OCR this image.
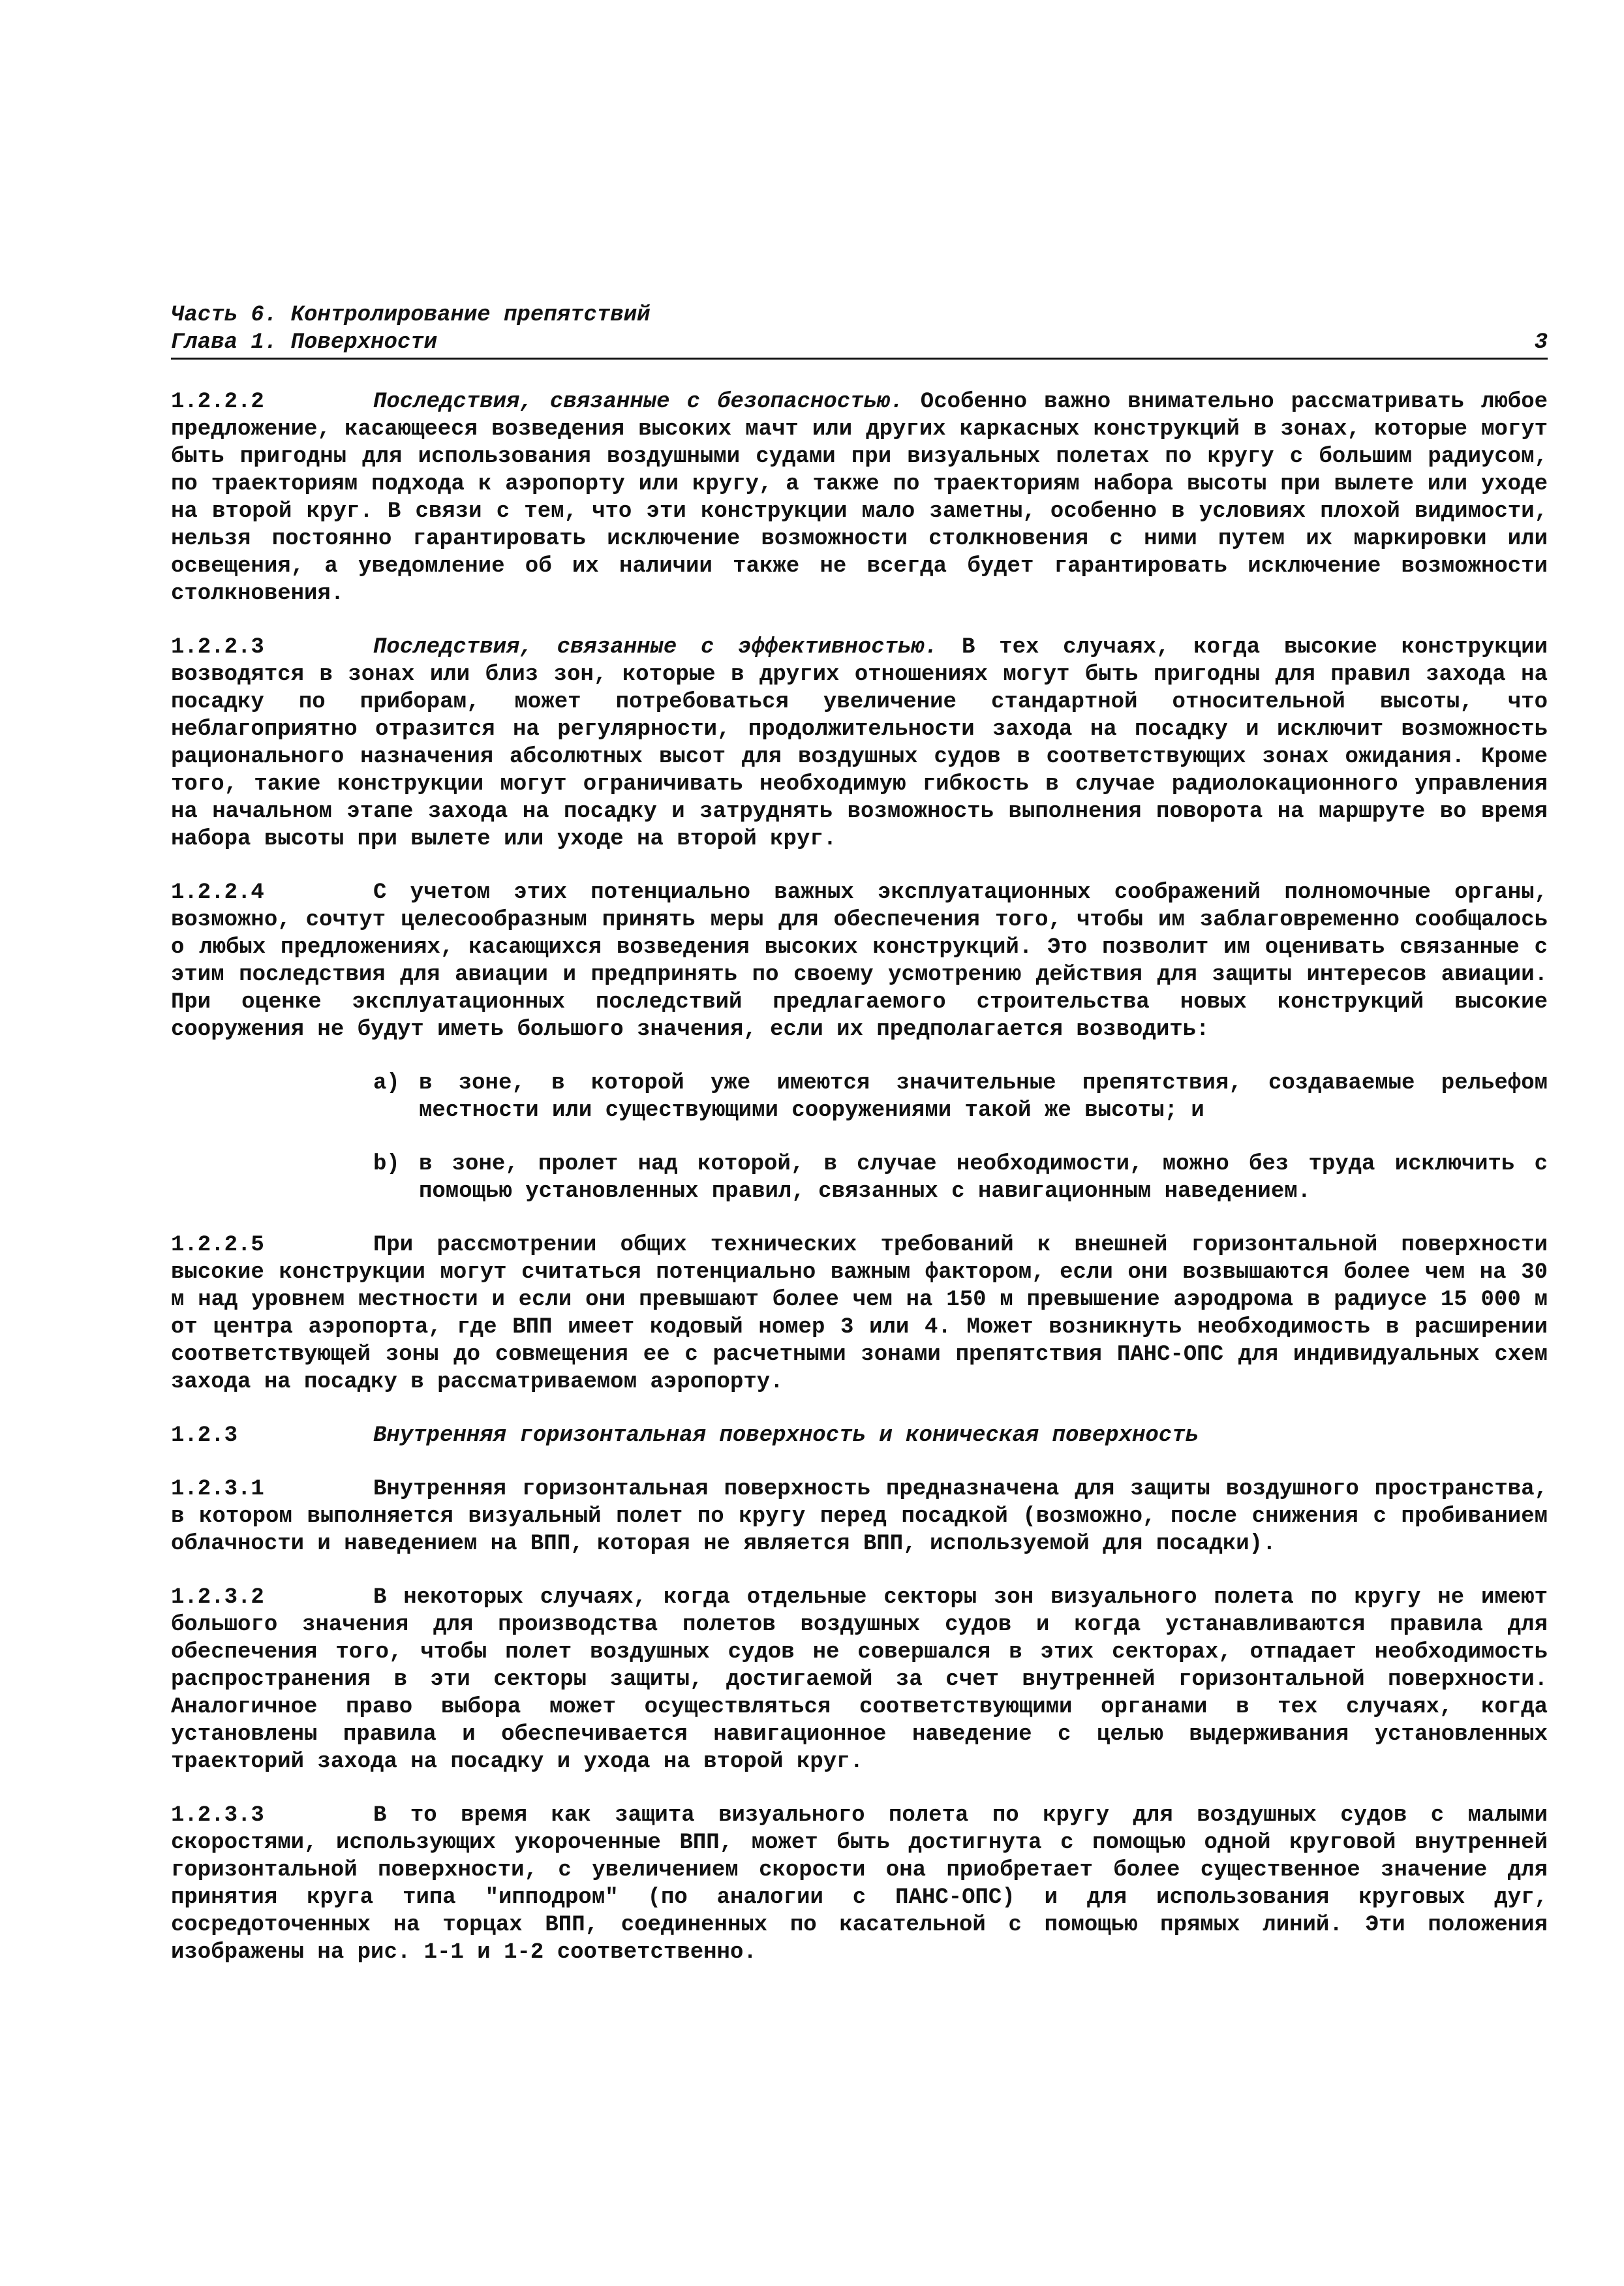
Часть 6. Контролирование препятствий
Глава 1. Поверхности	3

1.2.2.2	Последствия, связанные с безопасностью. Особенно важно внимательно рассматривать любое предложение, касающееся возведения высоких мачт или других каркасных конструкций в зонах, которые могут быть пригодны для использования воздушными судами при визуальных полетах по кругу с большим радиусом, по траекториям подхода к аэропорту или кругу, а также по траекториям набора высоты при вылете или уходе на второй круг. В связи с тем, что эти конструкции мало заметны, особенно в условиях плохой видимости, нельзя постоянно гарантировать исключение возможности столкновения с ними путем их маркировки или освещения, а уведомление об их наличии также не всегда будет гарантировать исключение возможности столкновения.

1.2.2.3	Последствия, связанные с эффективностью. В тех случаях, когда высокие конструкции возводятся в зонах или близ зон, которые в других отношениях могут быть пригодны для правил захода на посадку по приборам, может потребоваться увеличение стандартной относительной высоты, что неблагоприятно отразится на регулярности, продолжительности захода на посадку и исключит возможность рационального назначения абсолютных высот для воздушных судов в соответствующих зонах ожидания. Кроме того, такие конструкции могут ограничивать необходимую гибкость в случае радиолокационного управления на начальном этапе захода на посадку и затруднять возможность выполнения поворота на маршруте во время набора высоты при вылете или уходе на второй круг.

1.2.2.4	С учетом этих потенциально важных эксплуатационных соображений полномочные органы, возможно, сочтут целесообразным принять меры для обеспечения того, чтобы им заблаговременно сообщалось о любых предложениях, касающихся возведения высоких конструкций. Это позволит им оценивать связанные с этим последствия для авиации и предпринять по своему усмотрению действия для защиты интересов авиации. При оценке эксплуатационных последствий предлагаемого строительства новых конструкций высокие сооружения не будут иметь большого значения, если их предполагается возводить:

a) в зоне, в которой уже имеются значительные препятствия, создаваемые рельефом местности или существующими сооружениями такой же высоты; и

b) в зоне, пролет над которой, в случае необходимости, можно без труда исключить с помощью установленных правил, связанных с навигационным наведением.

1.2.2.5	При рассмотрении общих технических требований к внешней горизонтальной поверхности высокие конструкции могут считаться потенциально важным фактором, если они возвышаются более чем на 30 м над уровнем местности и если они превышают более чем на 150 м превышение аэродрома в радиусе 15 000 м от центра аэропорта, где ВПП имеет кодовый номер 3 или 4. Может возникнуть необходимость в расширении соответствующей зоны до совмещения ее с расчетными зонами препятствия ПАНС-ОПС для индивидуальных схем захода на посадку в рассматриваемом аэропорту.

1.2.3	Внутренняя горизонтальная поверхность и коническая поверхность

1.2.3.1	Внутренняя горизонтальная поверхность предназначена для защиты воздушного пространства, в котором выполняется визуальный полет по кругу перед посадкой (возможно, после снижения с пробиванием облачности и наведением на ВПП, которая не является ВПП, используемой для посадки).

1.2.3.2	В некоторых случаях, когда отдельные секторы зон визуального полета по кругу не имеют большого значения для производства полетов воздушных судов и когда устанавливаются правила для обеспечения того, чтобы полет воздушных судов не совершался в этих секторах, отпадает необходимость распространения в эти секторы защиты, достигаемой за счет внутренней горизонтальной поверхности. Аналогичное право выбора может осуществляться соответствующими органами в тех случаях, когда установлены правила и обеспечивается навигационное наведение с целью выдерживания установленных траекторий захода на посадку и ухода на второй круг.

1.2.3.3	В то время как защита визуального полета по кругу для воздушных судов с малыми скоростями, использующих укороченные ВПП, может быть достигнута с помощью одной круговой внутренней горизонтальной поверхности, с увеличением скорости она приобретает более существенное значение для принятия круга типа "ипподром" (по аналогии с ПАНС-ОПС) и для использования круговых дуг, сосредоточенных на торцах ВПП, соединенных по касательной с помощью прямых линий. Эти положения изображены на рис. 1-1 и 1-2 соответственно.
